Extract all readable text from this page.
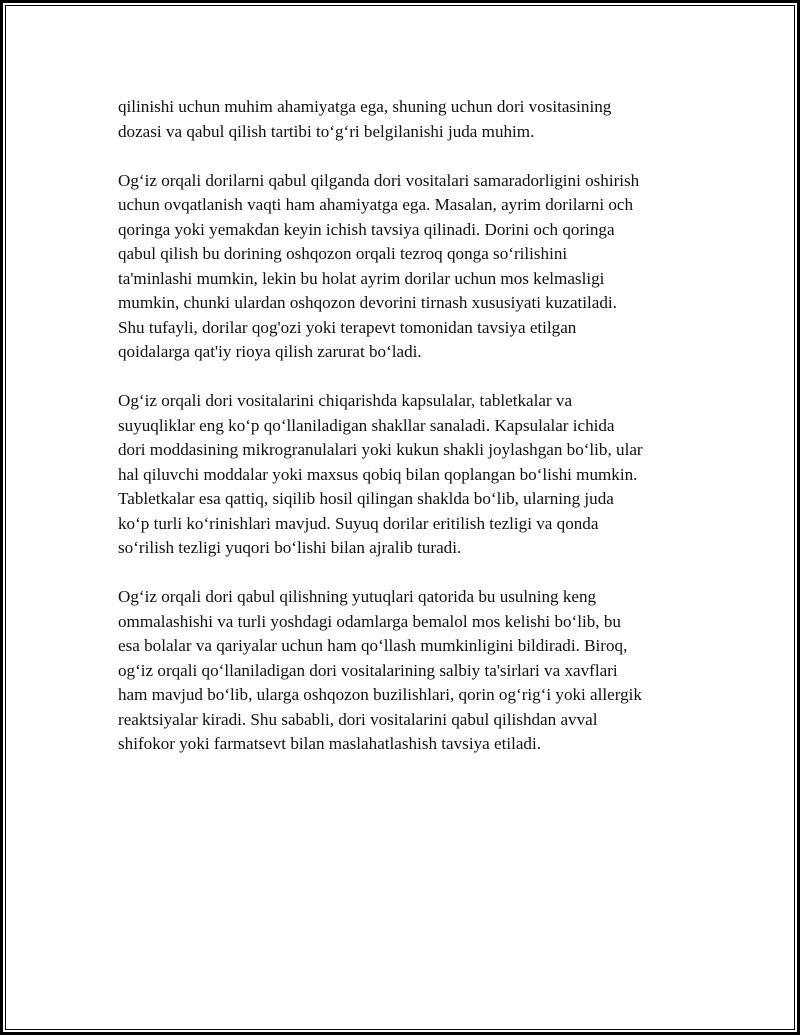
qilinishi uchun muhim ahamiyatga ega, shuning uchun dori vositasining
dozasi va qabul qilish tartibi to‘g‘ri belgilanishi juda muhim.

Og‘iz orqali dorilarni qabul qilganda dori vositalari samaradorligini oshirish
uchun ovqatlanish vaqti ham ahamiyatga ega. Masalan, ayrim dorilarni och
qoringa yoki yemakdan keyin ichish tavsiya qilinadi. Dorini och qoringa
qabul qilish bu dorining oshqozon orqali tezroq qonga so‘rilishini
ta'minlashi mumkin, lekin bu holat ayrim dorilar uchun mos kelmasligi
mumkin, chunki ulardan oshqozon devorini tirnash xususiyati kuzatiladi.
Shu tufayli, dorilar qog'ozi yoki terapevt tomonidan tavsiya etilgan
qoidalarga qat'iy rioya qilish zarurat bo‘ladi.

Og‘iz orqali dori vositalarini chiqarishda kapsulalar, tabletkalar va
suyuqliklar eng ko‘p qo‘llaniladigan shakllar sanaladi. Kapsulalar ichida
dori moddasining mikrogranulalari yoki kukun shakli joylashgan bo‘lib, ular
hal qiluvchi moddalar yoki maxsus qobiq bilan qoplangan bo‘lishi mumkin.
Tabletkalar esa qattiq, siqilib hosil qilingan shaklda bo‘lib, ularning juda
ko‘p turli ko‘rinishlari mavjud. Suyuq dorilar eritilish tezligi va qonda
so‘rilish tezligi yuqori bo‘lishi bilan ajralib turadi.

Og‘iz orqali dori qabul qilishning yutuqlari qatorida bu usulning keng
ommalashishi va turli yoshdagi odamlarga bemalol mos kelishi bo‘lib, bu
esa bolalar va qariyalar uchun ham qo‘llash mumkinligini bildiradi. Biroq,
og‘iz orqali qo‘llaniladigan dori vositalarining salbiy ta'sirlari va xavflari
ham mavjud bo‘lib, ularga oshqozon buzilishlari, qorin og‘rig‘i yoki allergik
reaktsiyalar kiradi. Shu sababli, dori vositalarini qabul qilishdan avval
shifokor yoki farmatsevt bilan maslahatlashish tavsiya etiladi.
